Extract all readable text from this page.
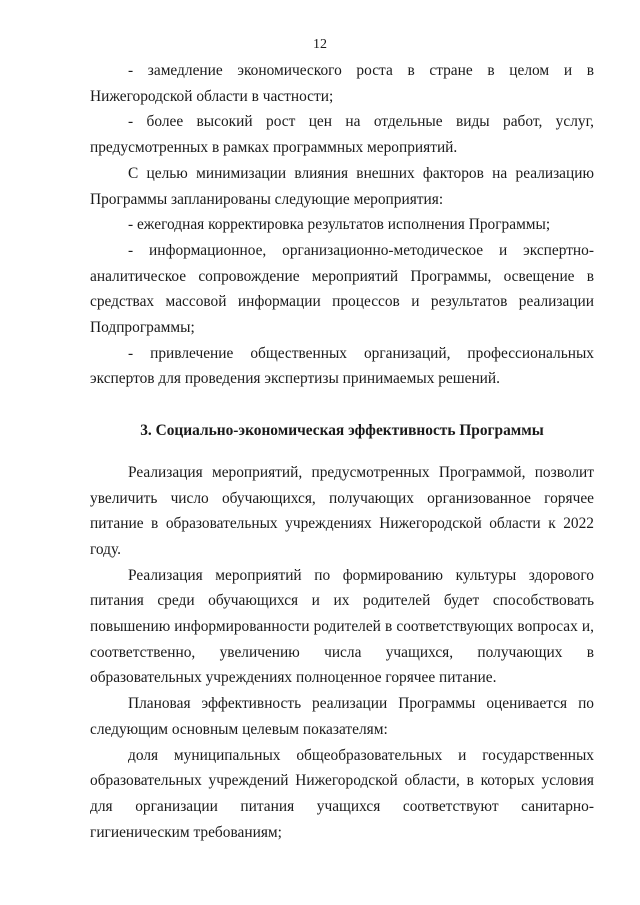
12

- замедление экономического роста в стране в целом и в Нижегородской области в частности;

- более высокий рост цен на отдельные виды работ, услуг, предусмотренных в рамках программных мероприятий.

С целью минимизации влияния внешних факторов на реализацию Программы запланированы следующие мероприятия:

- ежегодная корректировка результатов исполнения Программы;

- информационное, организационно-методическое и экспертно-аналитическое сопровождение мероприятий Программы, освещение в средствах массовой информации процессов и результатов реализации Подпрограммы;

- привлечение общественных организаций, профессиональных экспертов для проведения экспертизы принимаемых решений.

3. Социально-экономическая эффективность Программы

Реализация мероприятий, предусмотренных Программой, позволит увеличить число обучающихся, получающих организованное горячее питание в образовательных учреждениях Нижегородской области к 2022 году.

Реализация мероприятий по формированию культуры здорового питания среди обучающихся и их родителей будет способствовать повышению информированности родителей в соответствующих вопросах и, соответственно, увеличению числа учащихся, получающих в образовательных учреждениях полноценное горячее питание.

Плановая эффективность реализации Программы оценивается по следующим основным целевым показателям:

доля муниципальных общеобразовательных и государственных образовательных учреждений Нижегородской области, в которых условия для организации питания учащихся соответствуют санитарно-гигиеническим требованиям;
